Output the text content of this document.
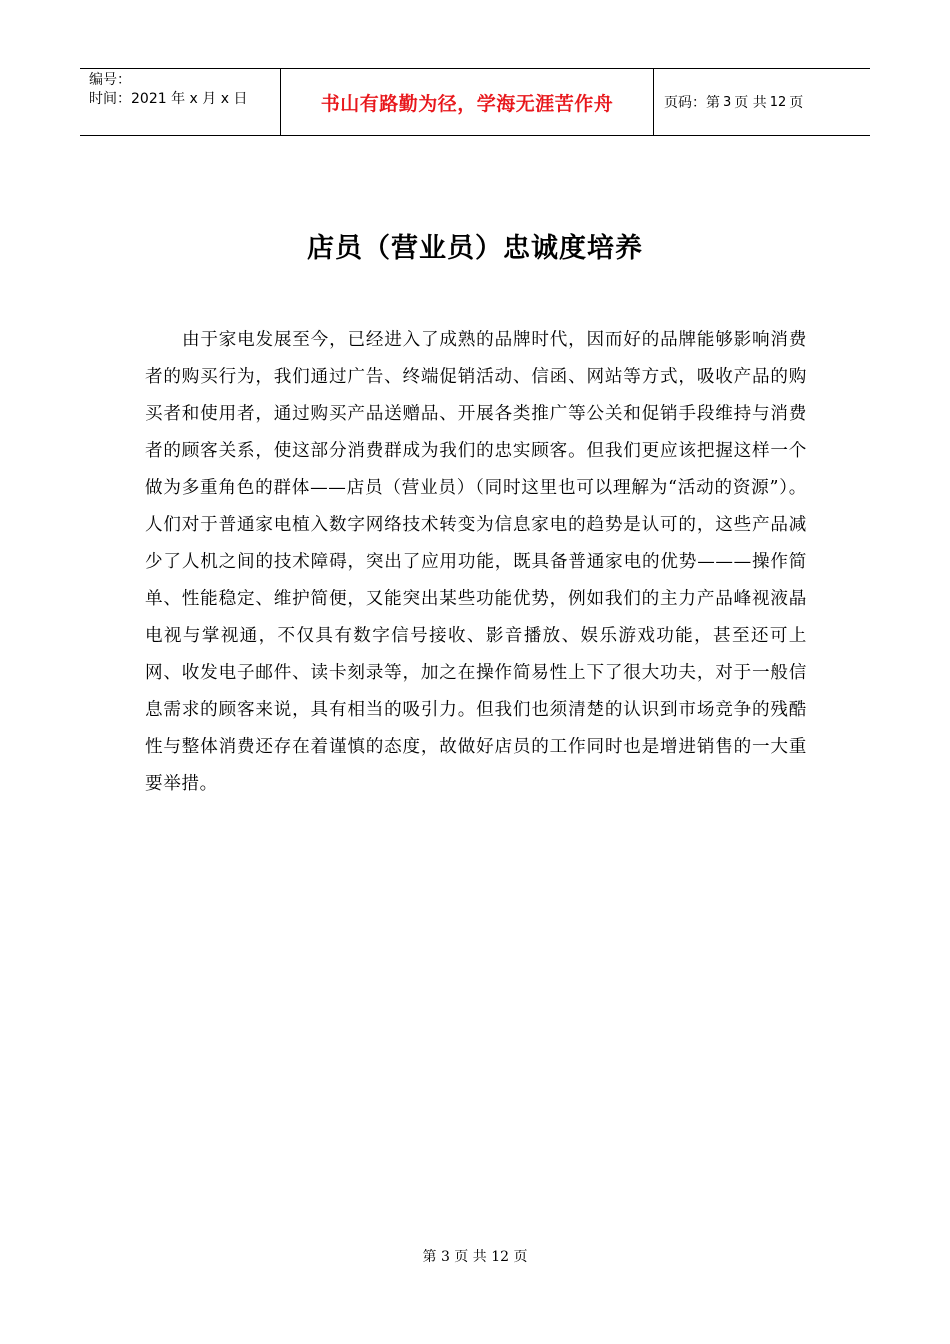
编号：
时间：2021 年 x 月 x 日	书山有路勤为径，学海无涯苦作舟	页码：第 3 页 共 12 页
店员（营业员）忠诚度培养

由于家电发展至今，已经进入了成熟的品牌时代，因而好的品牌能够影响消费者的购买行为，我们通过广告、终端促销活动、信函、网站等方式，吸收产品的购买者和使用者，通过购买产品送赠品、开展各类推广等公关和促销手段维持与消费者的顾客关系，使这部分消费群成为我们的忠实顾客。但我们更应该把握这样一个做为多重角色的群体——店员（营业员）（同时这里也可以理解为“活动的资源”）。人们对于普通家电植入数字网络技术转变为信息家电的趋势是认可的，这些产品减少了人机之间的技术障碍，突出了应用功能，既具备普通家电的优势———操作简单、性能稳定、维护简便，又能突出某些功能优势，例如我们的主力产品峰视液晶电视与掌视通，不仅具有数字信号接收、影音播放、娱乐游戏功能，甚至还可上网、收发电子邮件、读卡刻录等，加之在操作简易性上下了很大功夫，对于一般信息需求的顾客来说，具有相当的吸引力。但我们也须清楚的认识到市场竞争的残酷性与整体消费还存在着谨慎的态度，故做好店员的工作同时也是增进销售的一大重要举措。

第 3 页 共 12 页
